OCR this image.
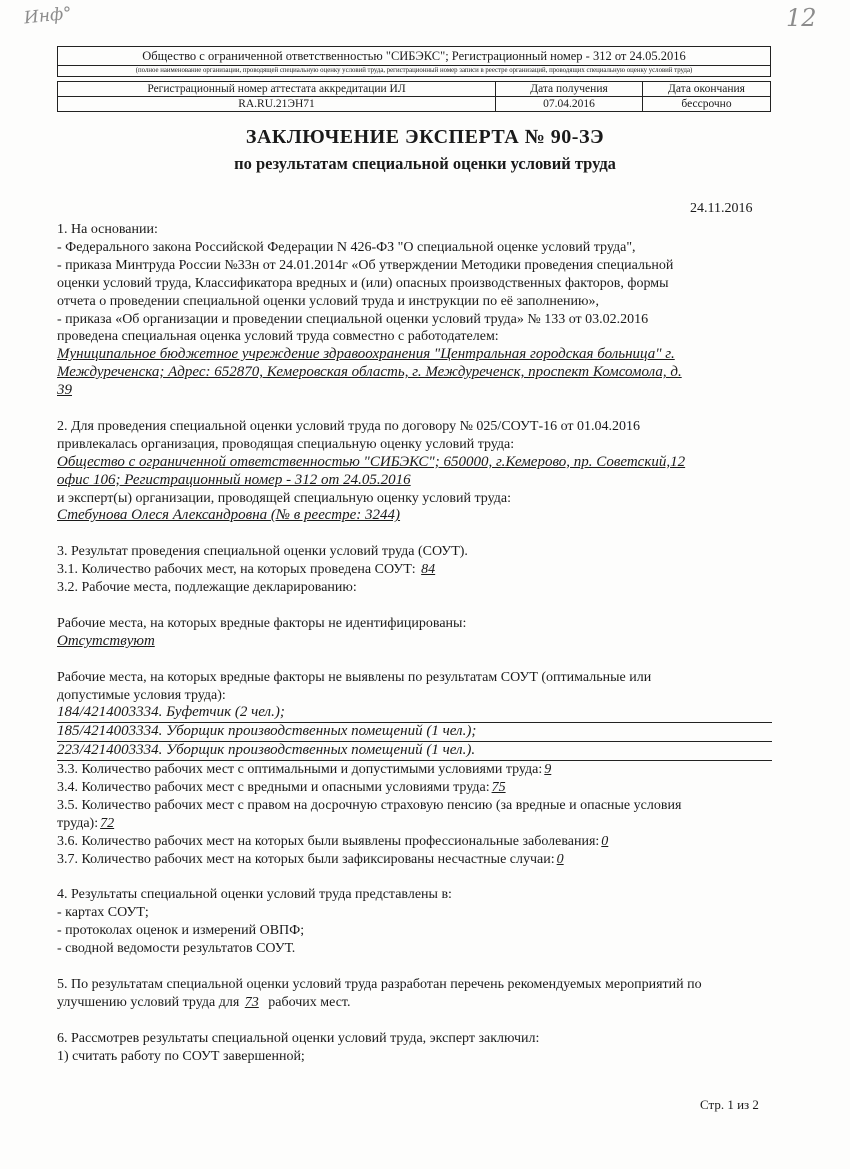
Инф°	12
Общество с ограниченной ответственностью "СИБЭКС"; Регистрационный номер - 312 от 24.05.2016
(полное наименование организации, проводящей специальную оценку условий труда, регистрационный номер записи в реестре организаций, проводящих специальную оценку условий труда)
Регистрационный номер аттестата аккредитации ИЛ	Дата получения	Дата окончания
RA.RU.21ЭН71	07.04.2016	бессрочно
ЗАКЛЮЧЕНИЕ ЭКСПЕРТА № 90-ЗЭ
по результатам специальной оценки условий труда
24.11.2016

1. На основании:

- Федерального закона Российской Федерации N 426-ФЗ "О специальной оценке условий труда",

- приказа Минтруда России №33н от 24.01.2014г «Об утверждении Методики проведения специальной

оценки условий труда, Классификатора вредных и (или) опасных производственных факторов, формы

отчета о проведении специальной оценки условий труда и инструкции по её заполнению»,

- приказа «Об организации и проведении специальной оценки условий труда» № 133 от 03.02.2016

проведена специальная оценка условий труда совместно с работодателем:

Муниципальное бюджетное учреждение здравоохранения "Центральная городская больница" г.

Междуреченска; Адрес: 652870, Кемеровская область, г. Междуреченск, проспект Комсомола, д.

39

2. Для проведения специальной оценки условий труда по договору № 025/СОУТ-16 от 01.04.2016

привлекалась организация, проводящая специальную оценку условий труда:

Общество с ограниченной ответственностью "СИБЭКС"; 650000, г.Кемерово, пр. Советский,12

офис 106; Регистрационный номер - 312 от 24.05.2016

и эксперт(ы) организации, проводящей специальную оценку условий труда:

Стебунова Олеся Александровна (№ в реестре: 3244)

3. Результат проведения специальной оценки условий труда (СОУТ).

3.1. Количество рабочих мест, на которых проведена СОУТ: 84

3.2. Рабочие места, подлежащие декларированию:

Рабочие места, на которых вредные факторы не идентифицированы:

Отсутствуют

Рабочие места, на которых вредные факторы не выявлены по результатам СОУТ (оптимальные или

допустимые условия труда):

184/4214003334. Буфетчик (2 чел.);
185/4214003334. Уборщик производственных помещений (1 чел.);
223/4214003334. Уборщик производственных помещений (1 чел.).

3.3. Количество рабочих мест с оптимальными и допустимыми условиями труда: 9

3.4. Количество рабочих мест с вредными и опасными условиями труда: 75

3.5. Количество рабочих мест с правом на досрочную страховую пенсию (за вредные и опасные условия

труда): 72

3.6. Количество рабочих мест на которых были выявлены профессиональные заболевания: 0

3.7. Количество рабочих мест на которых были зафиксированы несчастные случаи: 0

4. Результаты специальной оценки условий труда представлены в:

- картах СОУТ;

- протоколах оценок и измерений ОВПФ;

- сводной ведомости результатов СОУТ.

5. По результатам специальной оценки условий труда разработан перечень рекомендуемых мероприятий по

улучшению условий труда для 73 рабочих мест.

6. Рассмотрев результаты специальной оценки условий труда, эксперт заключил:

1) считать работу по СОУТ завершенной;

Стр. 1 из 2
